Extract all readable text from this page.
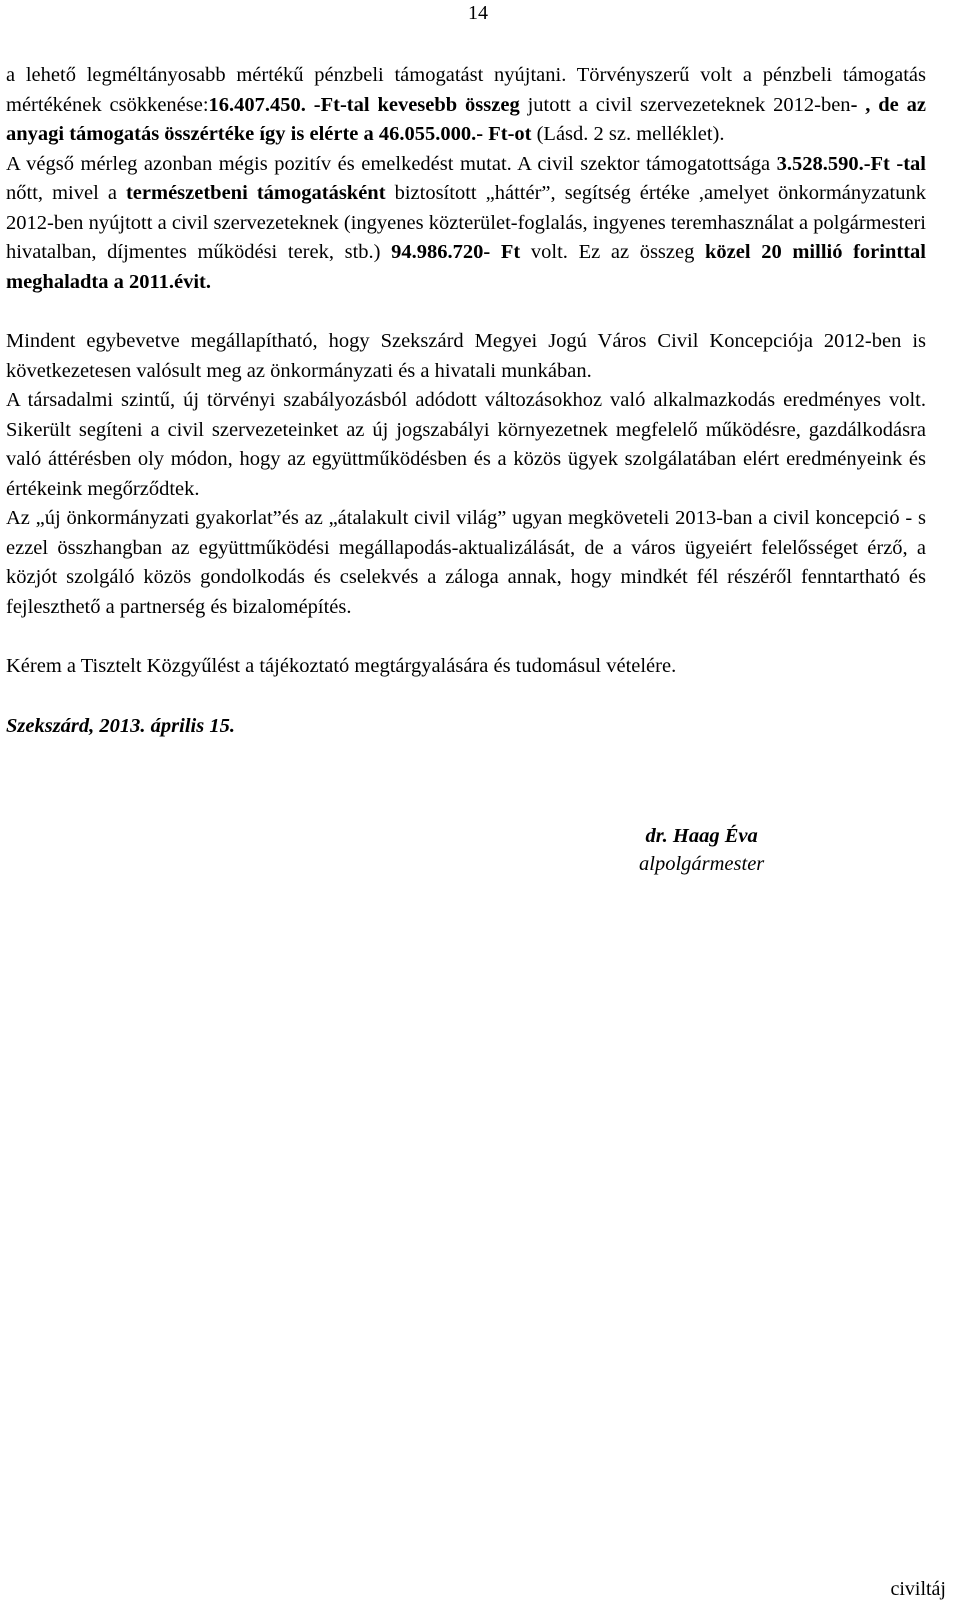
14

a lehető legméltányosabb mértékű pénzbeli támogatást nyújtani. Törvényszerű volt a pénzbeli támogatás mértékének csökkenése:16.407.450. -Ft-tal kevesebb összeg jutott a civil szervezeteknek 2012-ben- , de az anyagi támogatás összértéke így is elérte a 46.055.000.- Ft-ot (Lásd. 2 sz. melléklet).

A végső mérleg azonban mégis pozitív és emelkedést mutat. A civil szektor támogatottsága 3.528.590.-Ft -tal nőtt, mivel a természetbeni támogatásként biztosított „háttér”, segítség értéke ,amelyet önkormányzatunk 2012-ben nyújtott a civil szervezeteknek (ingyenes közterület-foglalás, ingyenes teremhasználat a polgármesteri hivatalban, díjmentes működési terek, stb.) 94.986.720- Ft volt. Ez az összeg közel 20 millió forinttal meghaladta a 2011.évit.

Mindent egybevetve megállapítható, hogy Szekszárd Megyei Jogú Város Civil Koncepciója 2012-ben is következetesen valósult meg az önkormányzati és a hivatali munkában.

A társadalmi szintű, új törvényi szabályozásból adódott változásokhoz való alkalmazkodás eredményes volt. Sikerült segíteni a civil szervezeteinket az új jogszabályi környezetnek megfelelő működésre, gazdálkodásra való áttérésben oly módon, hogy az együttműködésben és a közös ügyek szolgálatában elért eredményeink és értékeink megőrződtek.

Az „új önkormányzati gyakorlat”és az „átalakult civil világ” ugyan megköveteli 2013-ban a civil koncepció - s ezzel összhangban az együttműködési megállapodás-aktualizálását, de a város ügyeiért felelősséget érző, a közjót szolgáló közös gondolkodás és cselekvés a záloga annak, hogy mindkét fél részéről fenntartható és fejleszthető a partnerség és bizalomépítés.

Kérem a Tisztelt Közgyűlést a tájékoztató megtárgyalására és tudomásul vételére.

Szekszárd, 2013. április 15.

dr. Haag Éva
alpolgármester
civiltáj
